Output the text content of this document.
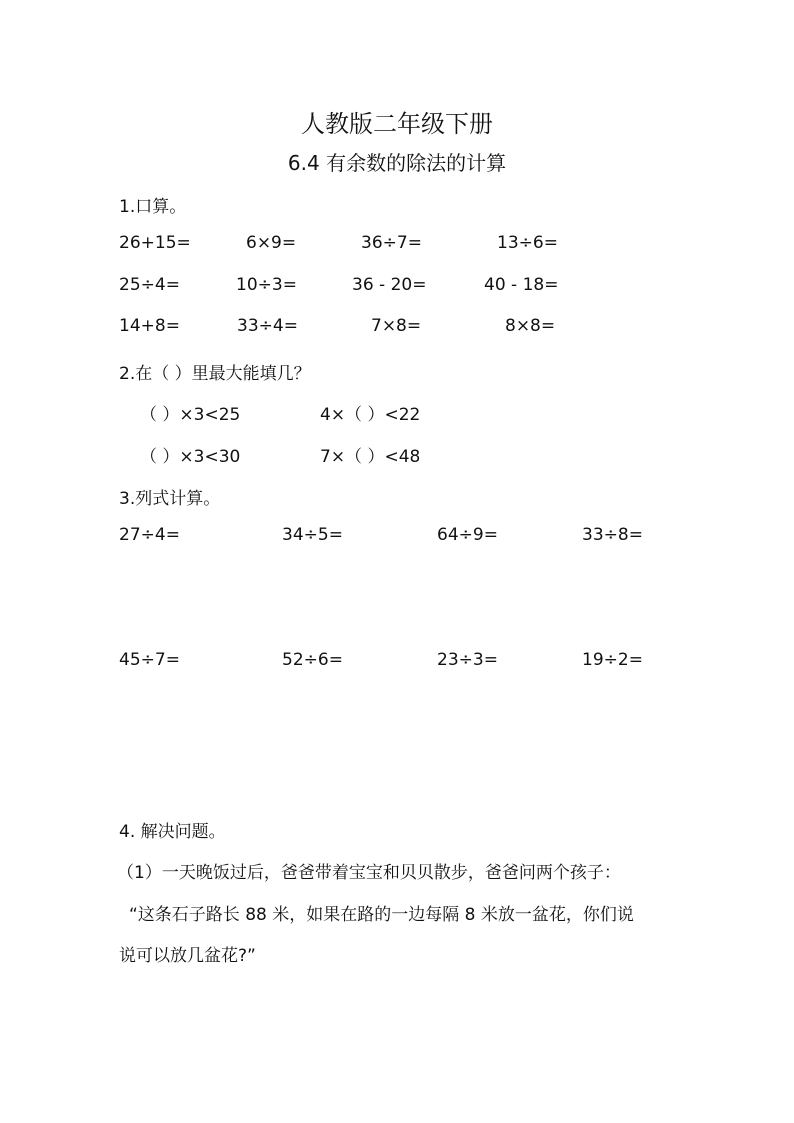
人教版二年级下册
6.4 有余数的除法的计算
1.口算。
26+15=	6×9=	36÷7=	13÷6=
25÷4=	10÷3=	36 - 20=	40 - 18=
14+8=	33÷4=	7×8=	8×8=
2.在（ ）里最大能填几？
（ ）×3<25	4×（ ）<22
（ ）×3<30	7×（ ）<48
3.列式计算。
27÷4=	34÷5=	64÷9=	33÷8=
45÷7=	52÷6=	23÷3=	19÷2=
4. 解决问题。
（1）一天晚饭过后，爸爸带着宝宝和贝贝散步，爸爸问两个孩子：
“这条石子路长 88 米，如果在路的一边每隔 8 米放一盆花，你们说
说可以放几盆花?”
